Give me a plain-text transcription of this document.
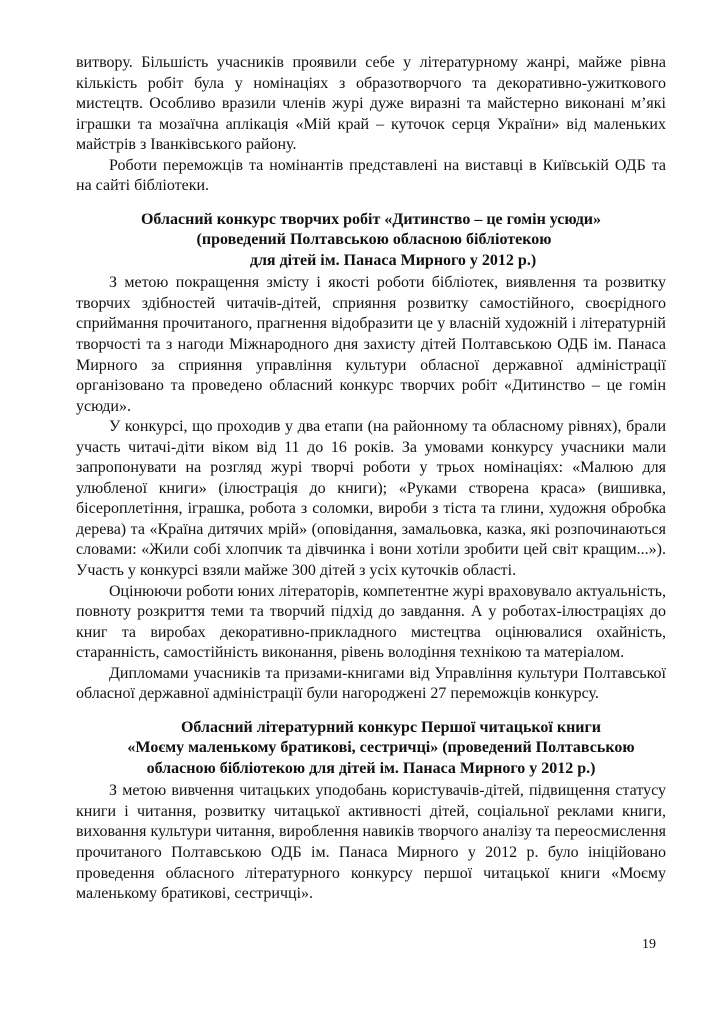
витвору. Більшість учасників проявили себе у літературному жанрі, майже рівна кількість робіт була у номінаціях з образотворчого та декоративно-ужиткового мистецтв. Особливо вразили членів журі дуже виразні та майстерно виконані м’які іграшки та мозаїчна аплікація «Мій край – куточок серця України» від маленьких майстрів з Іванківського району.

Роботи переможців та номінантів представлені на виставці в Київській ОДБ та на сайті бібліотеки.

Обласний конкурс творчих робіт «Дитинство – це гомін усюди»
(проведений Полтавською обласною бібліотекою
для дітей ім. Панаса Мирного у 2012 р.)

З метою покращення змісту і якості роботи бібліотек, виявлення та розвитку творчих здібностей читачів-дітей, сприяння розвитку самостійного, своєрідного сприймання прочитаного, прагнення відобразити це у власній художній і літературній творчості та з нагоди Міжнародного дня захисту дітей Полтавською ОДБ ім. Панаса Мирного за сприяння управління культури обласної державної адміністрації організовано та проведено обласний конкурс творчих робіт «Дитинство – це гомін усюди».

У конкурсі, що проходив у два етапи (на районному та обласному рівнях), брали участь читачі-діти віком від 11 до 16 років. За умовами конкурсу учасники мали запропонувати на розгляд журі творчі роботи у трьох номінаціях: «Малюю для улюбленої книги» (ілюстрація до книги); «Руками створена краса» (вишивка, бісероплетіння, іграшка, робота з соломки, вироби з тіста та глини, художня обробка дерева) та «Країна дитячих мрій» (оповідання, замальовка, казка, які розпочинаються словами: «Жили собі хлопчик та дівчинка і вони хотіли зробити цей світ кращим...»). Участь у конкурсі взяли майже 300 дітей з усіх куточків області.

Оцінюючи роботи юних літераторів, компетентне журі враховувало актуальність, повноту розкриття теми та творчий підхід до завдання. А у роботах-ілюстраціях до книг та виробах декоративно-прикладного мистецтва оцінювалися охайність, старанність, самостійність виконання, рівень володіння технікою та матеріалом.

Дипломами учасників та призами-книгами від Управління культури Полтавської обласної державної адміністрації були нагороджені 27 переможців конкурсу.

Обласний літературний конкурс Першої читацької книги
«Моєму маленькому братикові, сестричці» (проведений Полтавською
обласною бібліотекою для дітей ім. Панаса Мирного у 2012 р.)

З метою вивчення читацьких уподобань користувачів-дітей, підвищення статусу книги і читання, розвитку читацької активності дітей, соціальної реклами книги, виховання культури читання, вироблення навиків творчого аналізу та переосмислення прочитаного Полтавською ОДБ ім. Панаса Мирного у 2012 р. було ініційовано проведення обласного літературного конкурсу першої читацької книги «Моєму маленькому братикові, сестричці».

19
